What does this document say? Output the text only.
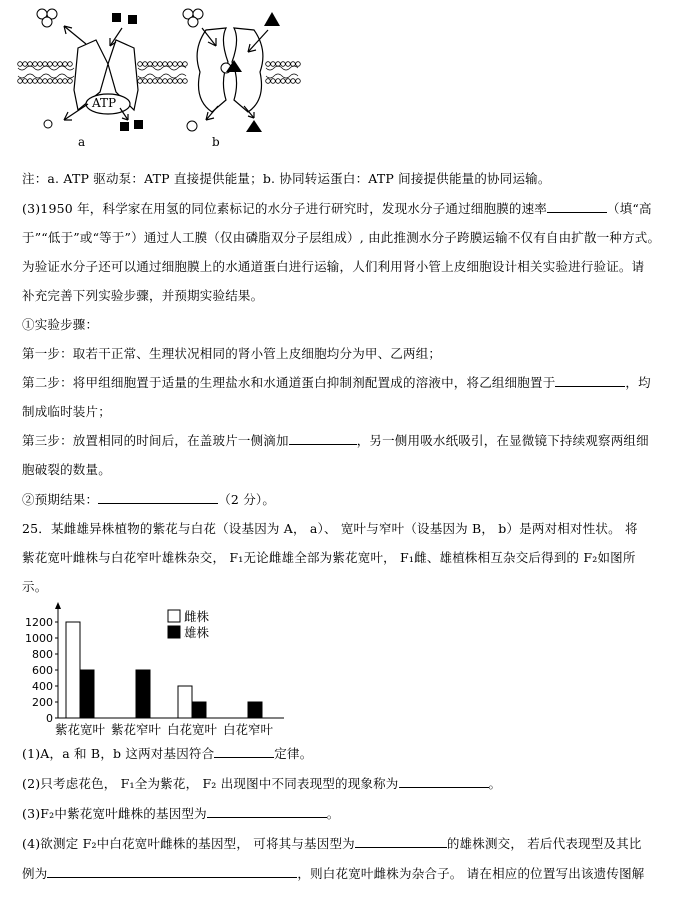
ATP
a	b
注：a. ATP 驱动泵：ATP 直接提供能量；b. 协同转运蛋白：ATP 间接提供能量的协同运输。
(3)1950 年，科学家在用氢的同位素标记的水分子进行研究时，发现水分子通过细胞膜的速率	（填“高
于”“低于”或“等于”）通过人工膜（仅由磷脂双分子层组成）, 由此推测水分子跨膜运输不仅有自由扩散一种方式。
为验证水分子还可以通过细胞膜上的水通道蛋白进行运输，人们利用肾小管上皮细胞设计相关实验进行验证。请
补充完善下列实验步骤，并预期实验结果。
①实验步骤：
第一步：取若干正常、生理状况相同的肾小管上皮细胞均分为甲、乙两组；
第二步：将甲组细胞置于适量的生理盐水和水通道蛋白抑制剂配置成的溶液中，将乙组细胞置于	，均
制成临时装片；
第三步：放置相同的时间后，在盖玻片一侧滴加	，另一侧用吸水纸吸引，在显微镜下持续观察两组细
胞破裂的数量。
②预期结果：	（2 分）。
25．某雌雄异株植物的紫花与白花（设基因为 A， a）、 宽叶与窄叶（设基因为 B， b）是两对相对性状。 将
紫花宽叶雌株与白花窄叶雄株杂交， F₁无论雌雄全部为紫花宽叶， F₁雌、雄植株相互杂交后得到的 F₂如图所
示。
0
200
400
600
800
1000
1200
紫花宽叶 紫花窄叶 白花宽叶 白花窄叶
雌株
雄株
(1)A，a 和 B，b 这两对基因符合	定律。
(2)只考虑花色， F₁全为紫花， F₂ 出现图中不同表现型的现象称为	。
(3)F₂中紫花宽叶雌株的基因型为	。
(4)欲测定 F₂中白花宽叶雌株的基因型， 可将其与基因型为	的雄株测交， 若后代表现型及其比
例为	，则白花宽叶雌株为杂合子。 请在相应的位置写出该遗传图解
